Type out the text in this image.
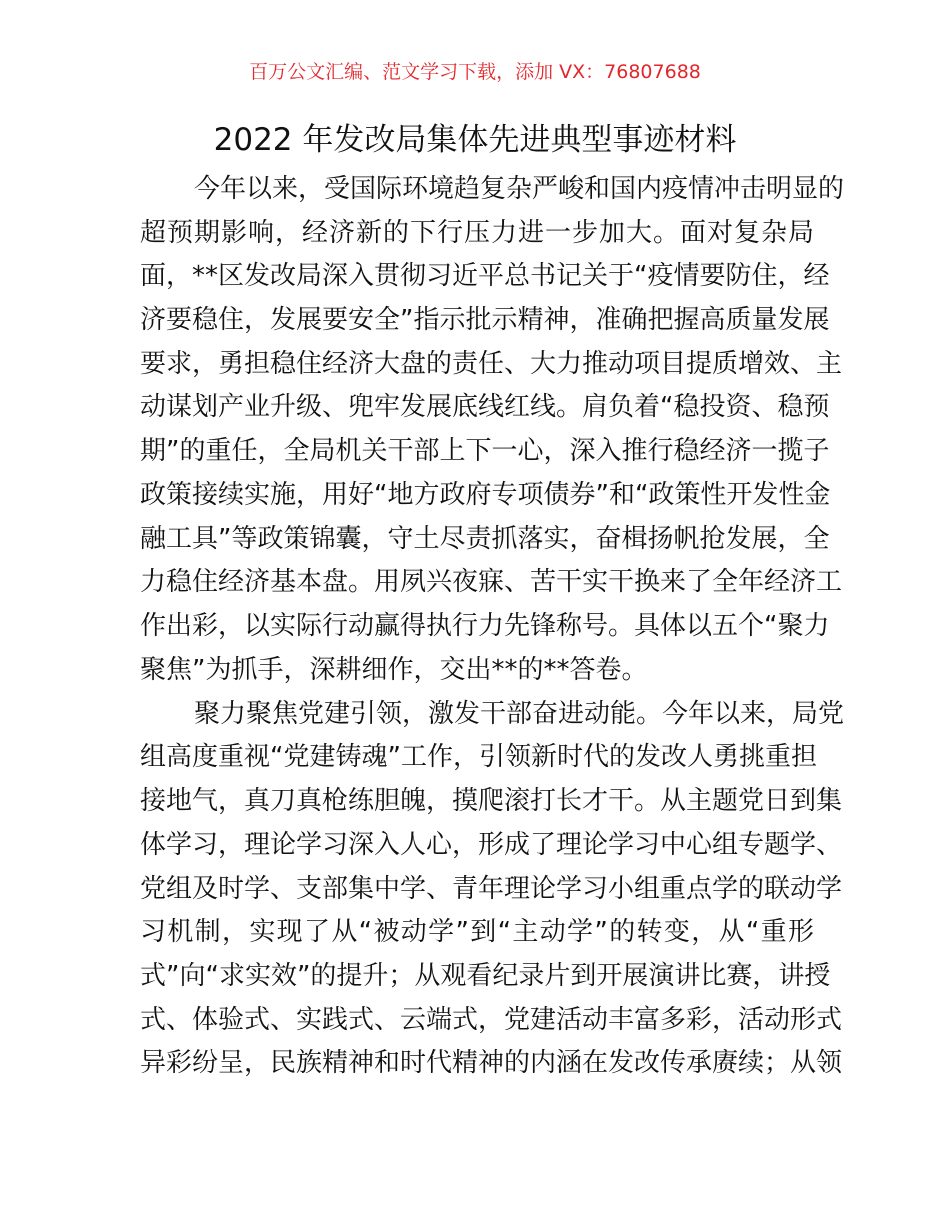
百万公文汇编、范文学习下载，添加 VX：76807688
2022 年发改局集体先进典型事迹材料
今年以来，受国际环境趋复杂严峻和国内疫情冲击明显的
超预期影响，经济新的下行压力进一步加大。面对复杂局
面，**区发改局深入贯彻习近平总书记关于“疫情要防住，经
济要稳住，发展要安全”指示批示精神，准确把握高质量发展
要求，勇担稳住经济大盘的责任、大力推动项目提质增效、主
动谋划产业升级、兜牢发展底线红线。肩负着“稳投资、稳预
期”的重任，全局机关干部上下一心，深入推行稳经济一揽子
政策接续实施，用好“地方政府专项债券”和“政策性开发性金
融工具”等政策锦囊，守土尽责抓落实，奋楫扬帆抢发展，全
力稳住经济基本盘。用夙兴夜寐、苦干实干换来了全年经济工
作出彩，以实际行动赢得执行力先锋称号。具体以五个“聚力
聚焦”为抓手，深耕细作，交出**的**答卷。
聚力聚焦党建引领，激发干部奋进动能。今年以来，局党
组高度重视“党建铸魂”工作，引领新时代的发改人勇挑重担
接地气，真刀真枪练胆魄，摸爬滚打长才干。从主题党日到集
体学习，理论学习深入人心，形成了理论学习中心组专题学、
党组及时学、支部集中学、青年理论学习小组重点学的联动学
习机制，实现了从“被动学”到“主动学”的转变，从“重形
式”向“求实效”的提升；从观看纪录片到开展演讲比赛，讲授
式、体验式、实践式、云端式，党建活动丰富多彩，活动形式
异彩纷呈，民族精神和时代精神的内涵在发改传承赓续；从领
